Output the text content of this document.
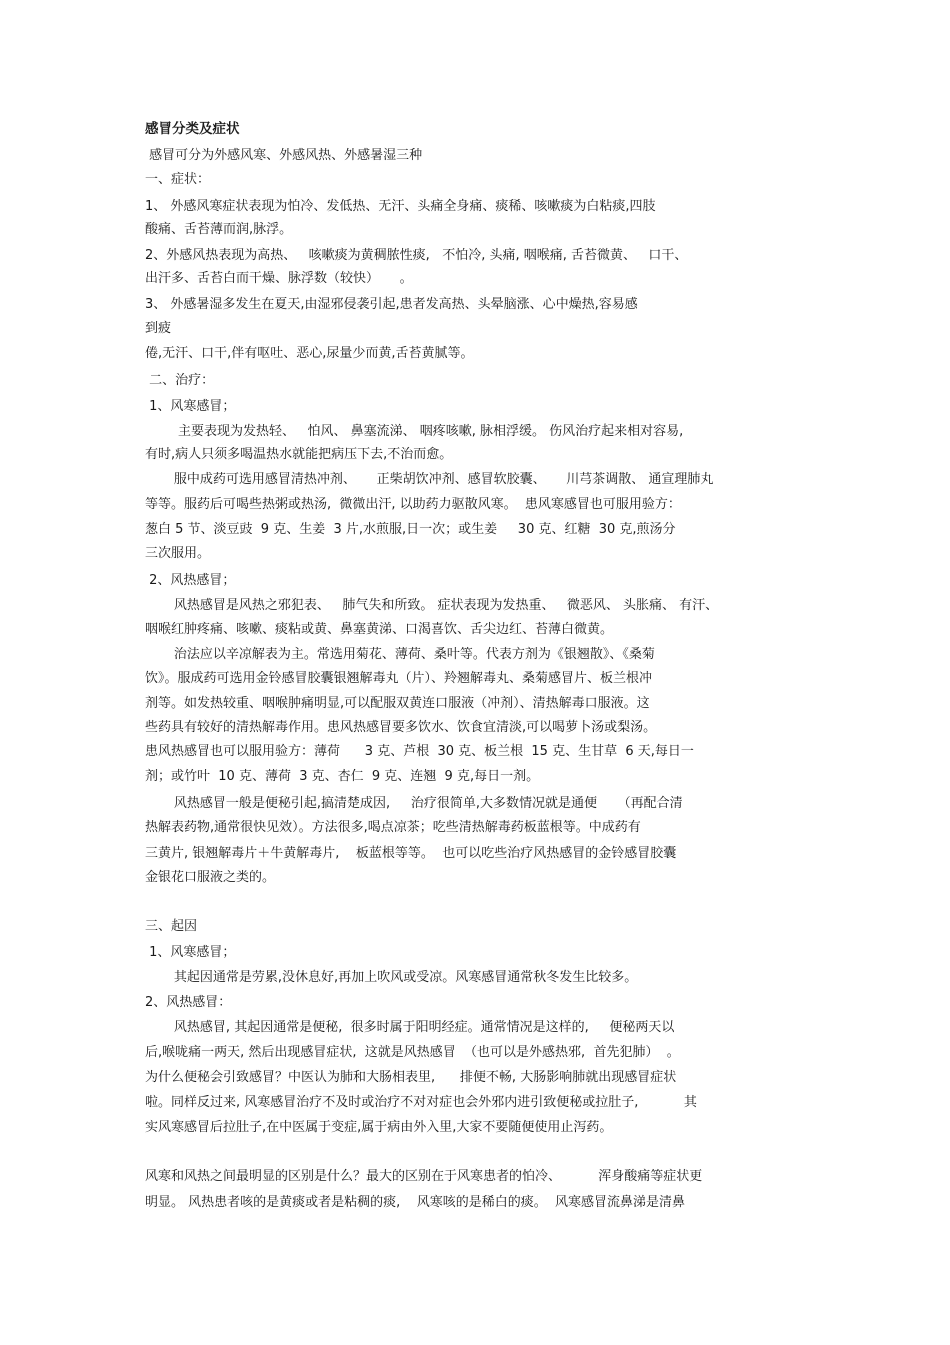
感冒分类及症状
感冒可分为外感风寒、外感风热、外感暑湿三种
一、症状：
1、 外感风寒症状表现为怕冷、发低热、无汗、头痛全身痛、痰稀、咳嗽痰为白粘痰,四肢
酸痛、舌苔薄而润,脉浮。
2、外感风热表现为高热、   咳嗽痰为黄稠脓性痰,   不怕冷, 头痛, 咽喉痛, 舌苔微黄、   口干、
出汗多、舌苔白而干燥、脉浮数（较快）     。
3、 外感暑湿多发生在夏天,由湿邪侵袭引起,患者发高热、头晕脑涨、心中燥热,容易感
到疲
倦,无汗、口干,伴有呕吐、恶心,尿量少而黄,舌苔黄腻等。
二、治疗：
1、风寒感冒；
主要表现为发热轻、   怕风、 鼻塞流涕、 咽疼咳嗽, 脉相浮缓。 伤风治疗起来相对容易,
有时,病人只须多喝温热水就能把病压下去,不治而愈。
服中成药可选用感冒清热冲剂、     正柴胡饮冲剂、感冒软胶囊、     川芎茶调散、 通宣理肺丸
等等。服药后可喝些热粥或热汤,  微微出汗, 以助药力驱散风寒。  患风寒感冒也可服用验方：
葱白 5 节、淡豆豉  9 克、生姜  3 片,水煎服,日一次；或生姜     30 克、红糖  30 克,煎汤分
三次服用。
2、风热感冒；
风热感冒是风热之邪犯表、   肺气失和所致。 症状表现为发热重、   微恶风、 头胀痛、 有汗、
咽喉红肿疼痛、咳嗽、痰粘或黄、鼻塞黄涕、口渴喜饮、舌尖边红、苔薄白微黄。
治法应以辛凉解表为主。常选用菊花、薄荷、桑叶等。代表方剂为《银翘散》、《桑菊
饮》。服成药可选用金铃感冒胶囊银翘解毒丸（片）、羚翘解毒丸、桑菊感冒片、板兰根冲
剂等。如发热较重、咽喉肿痛明显,可以配服双黄连口服液（冲剂）、清热解毒口服液。这
些药具有较好的清热解毒作用。患风热感冒要多饮水、饮食宜清淡,可以喝萝卜汤或梨汤。
患风热感冒也可以服用验方：薄荷      3 克、芦根  30 克、板兰根  15 克、生甘草  6 天,每日一
剂；或竹叶  10 克、薄荷  3 克、杏仁  9 克、连翘  9 克,每日一剂。
风热感冒一般是便秘引起,搞清楚成因,     治疗很简单,大多数情况就是通便     （再配合清
热解表药物,通常很快见效）。方法很多,喝点凉茶；吃些清热解毒药板蓝根等。中成药有
三黄片, 银翘解毒片＋牛黄解毒片,    板蓝根等等。  也可以吃些治疗风热感冒的金铃感冒胶囊
金银花口服液之类的。
三、起因
1、风寒感冒；
其起因通常是劳累,没休息好,再加上吹风或受凉。风寒感冒通常秋冬发生比较多。
2、风热感冒：
风热感冒, 其起因通常是便秘,  很多时属于阳明经症。通常情况是这样的,     便秘两天以
后,喉咙痛一两天, 然后出现感冒症状,  这就是风热感冒  （也可以是外感热邪,  首先犯肺）  。
为什么便秘会引致感冒？中医认为肺和大肠相表里,      排便不畅, 大肠影响肺就出现感冒症状
啦。同样反过来, 风寒感冒治疗不及时或治疗不对对症也会外邪内进引致便秘或拉肚子,           其
实风寒感冒后拉肚子,在中医属于变症,属于病由外入里,大家不要随便使用止泻药。
风寒和风热之间最明显的区别是什么？最大的区别在于风寒患者的怕冷、         浑身酸痛等症状更
明显。 风热患者咳的是黄痰或者是粘稠的痰,    风寒咳的是稀白的痰。  风寒感冒流鼻涕是清鼻
